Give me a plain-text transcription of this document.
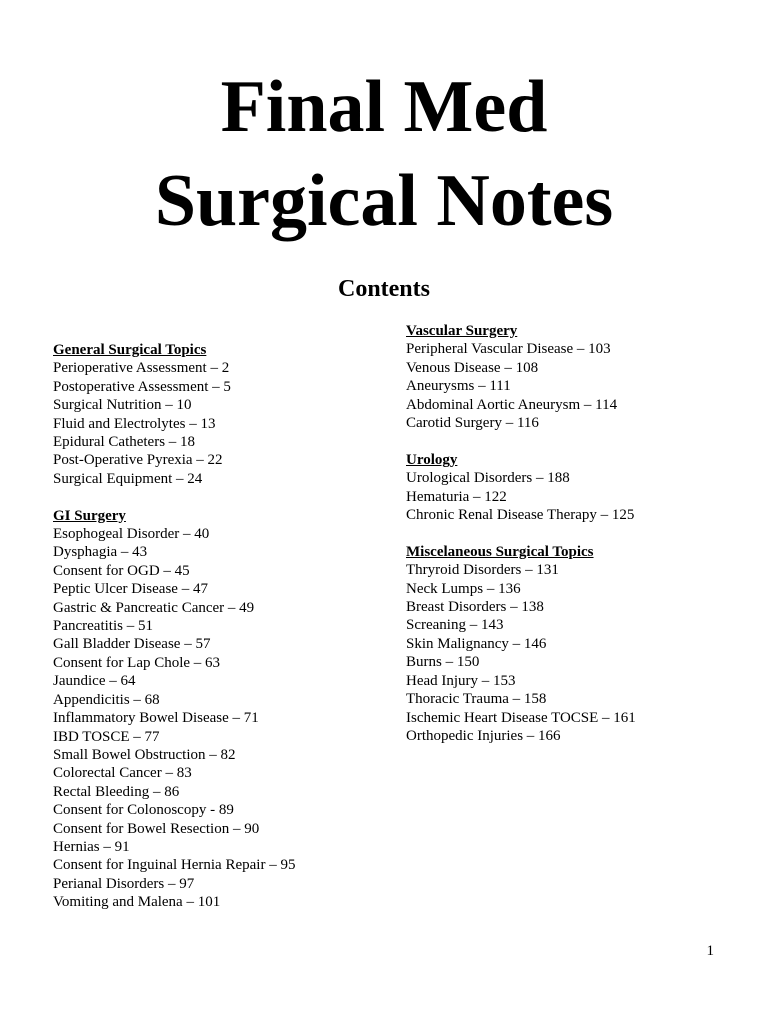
Final Med
Surgical Notes
Contents
General Surgical Topics
Perioperative Assessment – 2
Postoperative Assessment – 5
Surgical Nutrition – 10
Fluid and Electrolytes – 13
Epidural Catheters – 18
Post-Operative Pyrexia – 22
Surgical Equipment – 24
GI Surgery
Esophogeal Disorder – 40
Dysphagia – 43
Consent for OGD – 45
Peptic Ulcer Disease – 47
Gastric & Pancreatic Cancer – 49
Pancreatitis – 51
Gall Bladder Disease – 57
Consent for Lap Chole – 63
Jaundice – 64
Appendicitis – 68
Inflammatory Bowel Disease – 71
IBD TOSCE – 77
Small Bowel Obstruction – 82
Colorectal Cancer – 83
Rectal Bleeding – 86
Consent for Colonoscopy - 89
Consent for Bowel Resection – 90
Hernias – 91
Consent for Inguinal Hernia Repair – 95
Perianal Disorders – 97
Vomiting and Malena – 101
Vascular Surgery
Peripheral Vascular Disease – 103
Venous Disease – 108
Aneurysms – 111
Abdominal Aortic Aneurysm – 114
Carotid Surgery – 116
Urology
Urological Disorders – 188
Hematuria – 122
Chronic Renal Disease Therapy – 125
Miscelaneous Surgical Topics
Thryroid Disorders – 131
Neck Lumps – 136
Breast Disorders – 138
Screaning – 143
Skin Malignancy – 146
Burns – 150
Head Injury – 153
Thoracic Trauma – 158
Ischemic Heart Disease TOCSE – 161
Orthopedic Injuries – 166
1
